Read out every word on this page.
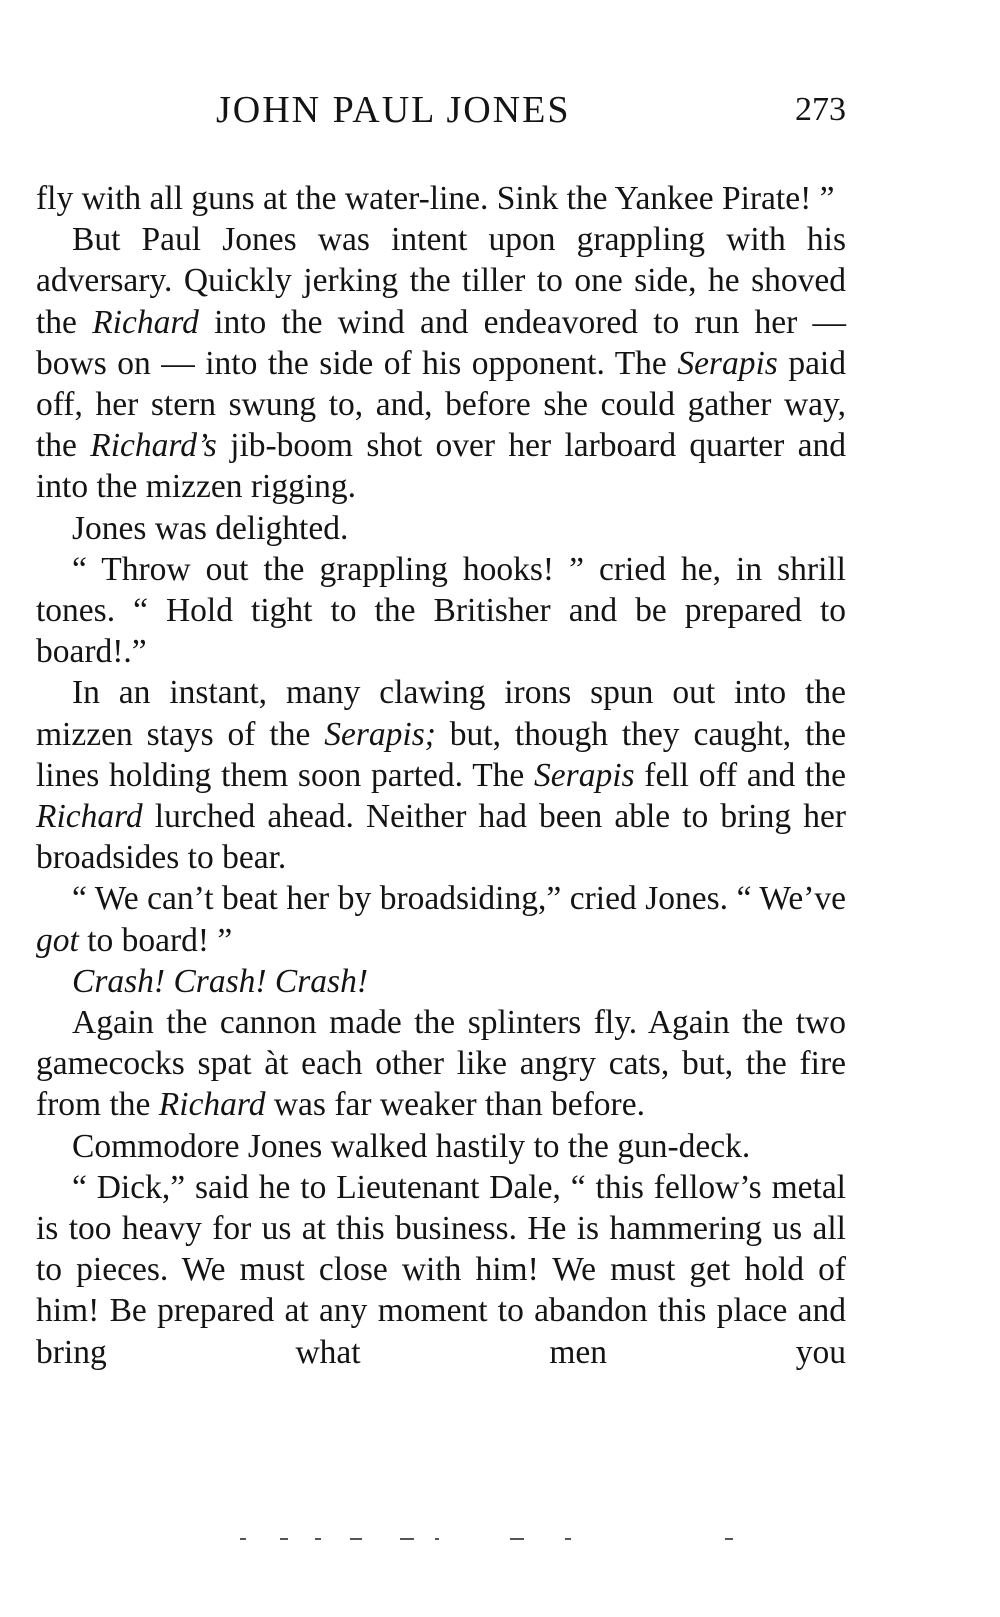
JOHN PAUL JONES	273

fly with all guns at the water-line. Sink the Yankee Pirate! ”

But Paul Jones was intent upon grappling with his adversary. Quickly jerking the tiller to one side, he shoved the Richard into the wind and endeavored to run her — bows on — into the side of his opponent. The Serapis paid off, her stern swung to, and, before she could gather way, the Richard’s jib-boom shot over her larboard quarter and into the mizzen rigging.

Jones was delighted.

“ Throw out the grappling hooks! ” cried he, in shrill tones. “ Hold tight to the Britisher and be prepared to board!.”

In an instant, many clawing irons spun out into the mizzen stays of the Serapis; but, though they caught, the lines holding them soon parted. The Serapis fell off and the Richard lurched ahead. Neither had been able to bring her broadsides to bear.

“ We can’t beat her by broadsiding,” cried Jones. “ We’ve got to board! ”

Crash! Crash! Crash!

Again the cannon made the splinters fly. Again the two gamecocks spat àt each other like angry cats, but, the fire from the Richard was far weaker than before.

Commodore Jones walked hastily to the gun-deck.

“ Dick,” said he to Lieutenant Dale, “ this fellow’s metal is too heavy for us at this business. He is hammering us all to pieces. We must close with him! We must get hold of him! Be prepared at any moment to abandon this place and bring what men you
